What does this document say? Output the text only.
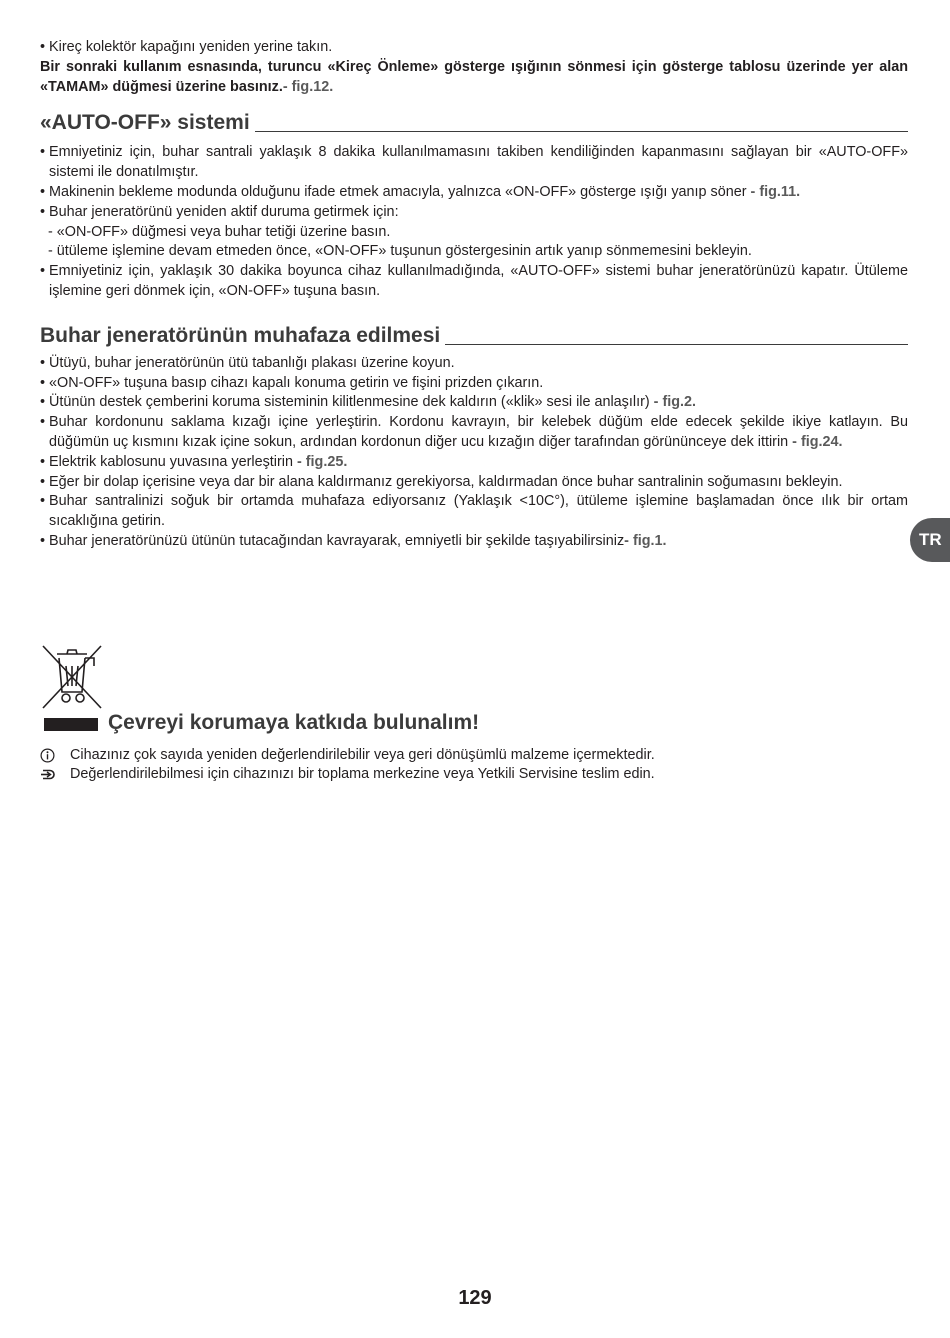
• Kireç kolektör kapağını yeniden yerine takın.

Bir sonraki kullanım esnasında, turuncu «Kireç Önleme» gösterge ışığının sönmesi için gösterge tablosu üzerinde yer alan «TAMAM» düğmesi üzerine basınız.- fig.12.

«AUTO-OFF» sistemi
• Emniyetiniz için, buhar santrali yaklaşık 8 dakika kullanılmamasını takiben kendiliğinden kapanmasını sağlayan bir «AUTO-OFF» sistemi ile donatılmıştır.
• Makinenin bekleme modunda olduğunu ifade etmek amacıyla, yalnızca «ON-OFF» gösterge ışığı yanıp söner - fig.11.
• Buhar jeneratörünü yeniden aktif duruma getirmek için:

- «ON-OFF» düğmesi veya buhar tetiği üzerine basın.

- ütüleme işlemine devam etmeden önce, «ON-OFF» tuşunun göstergesinin artık yanıp sönmemesini bekleyin.

• Emniyetiniz için, yaklaşık 30 dakika boyunca cihaz kullanılmadığında, «AUTO-OFF» sistemi buhar jeneratörünüzü kapatır. Ütüleme işlemine geri dönmek için, «ON-OFF» tuşuna basın.
Buhar jeneratörünün muhafaza edilmesi
• Ütüyü, buhar jeneratörünün ütü tabanlığı plakası üzerine koyun.
• «ON-OFF» tuşuna basıp cihazı kapalı konuma getirin ve fişini prizden çıkarın.
• Ütünün destek çemberini koruma sisteminin kilitlenmesine dek kaldırın («klik» sesi ile anlaşılır) - fig.2.
• Buhar kordonunu saklama kızağı içine yerleştirin. Kordonu kavrayın, bir kelebek düğüm elde edecek şekilde ikiye katlayın. Bu düğümün uç kısmını kızak içine sokun, ardından kordonun diğer ucu kızağın diğer tarafından görününceye dek ittirin - fig.24.
• Elektrik kablosunu yuvasına yerleştirin - fig.25.
• Eğer bir dolap içerisine veya dar bir alana kaldırmanız gerekiyorsa, kaldırmadan önce buhar santralinin soğumasını bekleyin.
• Buhar santralinizi soğuk bir ortamda muhafaza ediyorsanız (Yaklaşık <10C°), ütüleme işlemine başlamadan önce ılık bir ortam sıcaklığına getirin.
• Buhar jeneratörünüzü ütünün tutacağından kavrayarak, emniyetli bir şekilde taşıyabilirsiniz- fig.1.	TR
Çevreyi korumaya katkıda bulunalım!
Cihazınız çok sayıda yeniden değerlendirilebilir veya geri dönüşümlü malzeme içermektedir.
Değerlendirilebilmesi için cihazınızı bir toplama merkezine veya Yetkili Servisine teslim edin.
129
